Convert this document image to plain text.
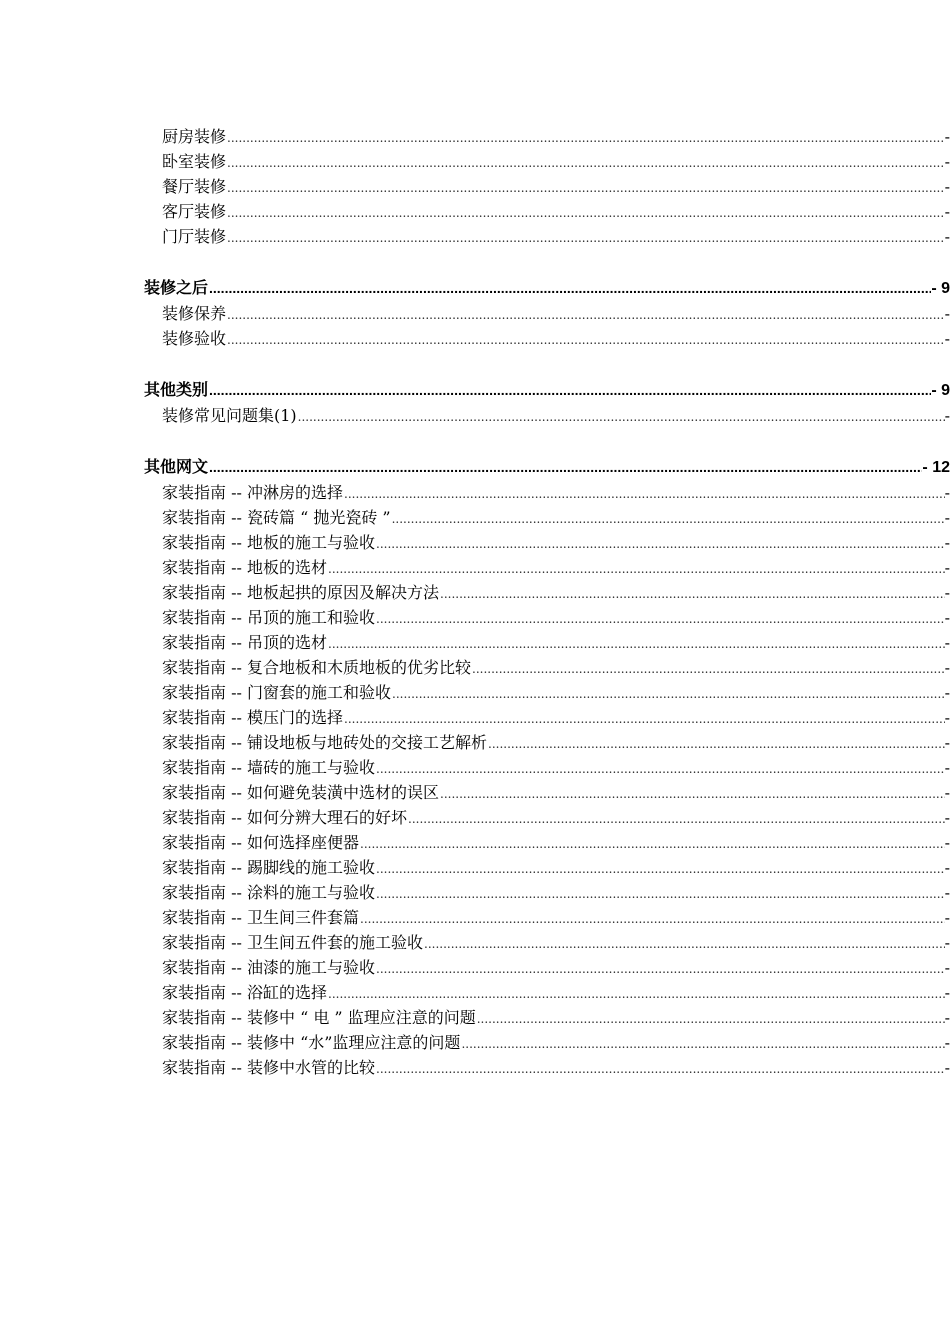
厨房装修 .....	-
卧室装修 .....	-
餐厅装修 .....	-
客厅装修 .....	-
门厅装修 .....	-
装修之后 .....	- 9
装修保养 .....	-
装修验收 .....	-
其他类别 .....	- 9
装修常见问题集(1) .....	-
其他网文 .....	- 12
家装指南 -- 冲淋房的选择 .....	-
家装指南 -- 瓷砖篇 “ 抛光瓷砖 ” .....	-
家装指南 -- 地板的施工与验收 .....	-
家装指南 -- 地板的选材 .....	-
家装指南 -- 地板起拱的原因及解决方法 .....	-
家装指南 -- 吊顶的施工和验收 .....	-
家装指南 -- 吊顶的选材 .....	-
家装指南 -- 复合地板和木质地板的优劣比较 .....	-
家装指南 -- 门窗套的施工和验收 .....	-
家装指南 -- 模压门的选择 .....	-
家装指南 -- 铺设地板与地砖处的交接工艺解析 .....	-
家装指南 -- 墙砖的施工与验收 .....	-
家装指南 -- 如何避免装潢中选材的误区 .....	-
家装指南 -- 如何分辨大理石的好坏 .....	-
家装指南 -- 如何选择座便器 .....	-
家装指南 -- 踢脚线的施工验收 .....	-
家装指南 -- 涂料的施工与验收 .....	-
家装指南 -- 卫生间三件套篇 .....	-
家装指南 -- 卫生间五件套的施工验收 .....	-
家装指南 -- 油漆的施工与验收 .....	-
家装指南 -- 浴缸的选择 .....	-
家装指南 -- 装修中 “ 电 ” 监理应注意的问题 .....	-
家装指南 -- 装修中 “水”监理应注意的问题 .....	-
家装指南 -- 装修中水管的比较 .....	-
